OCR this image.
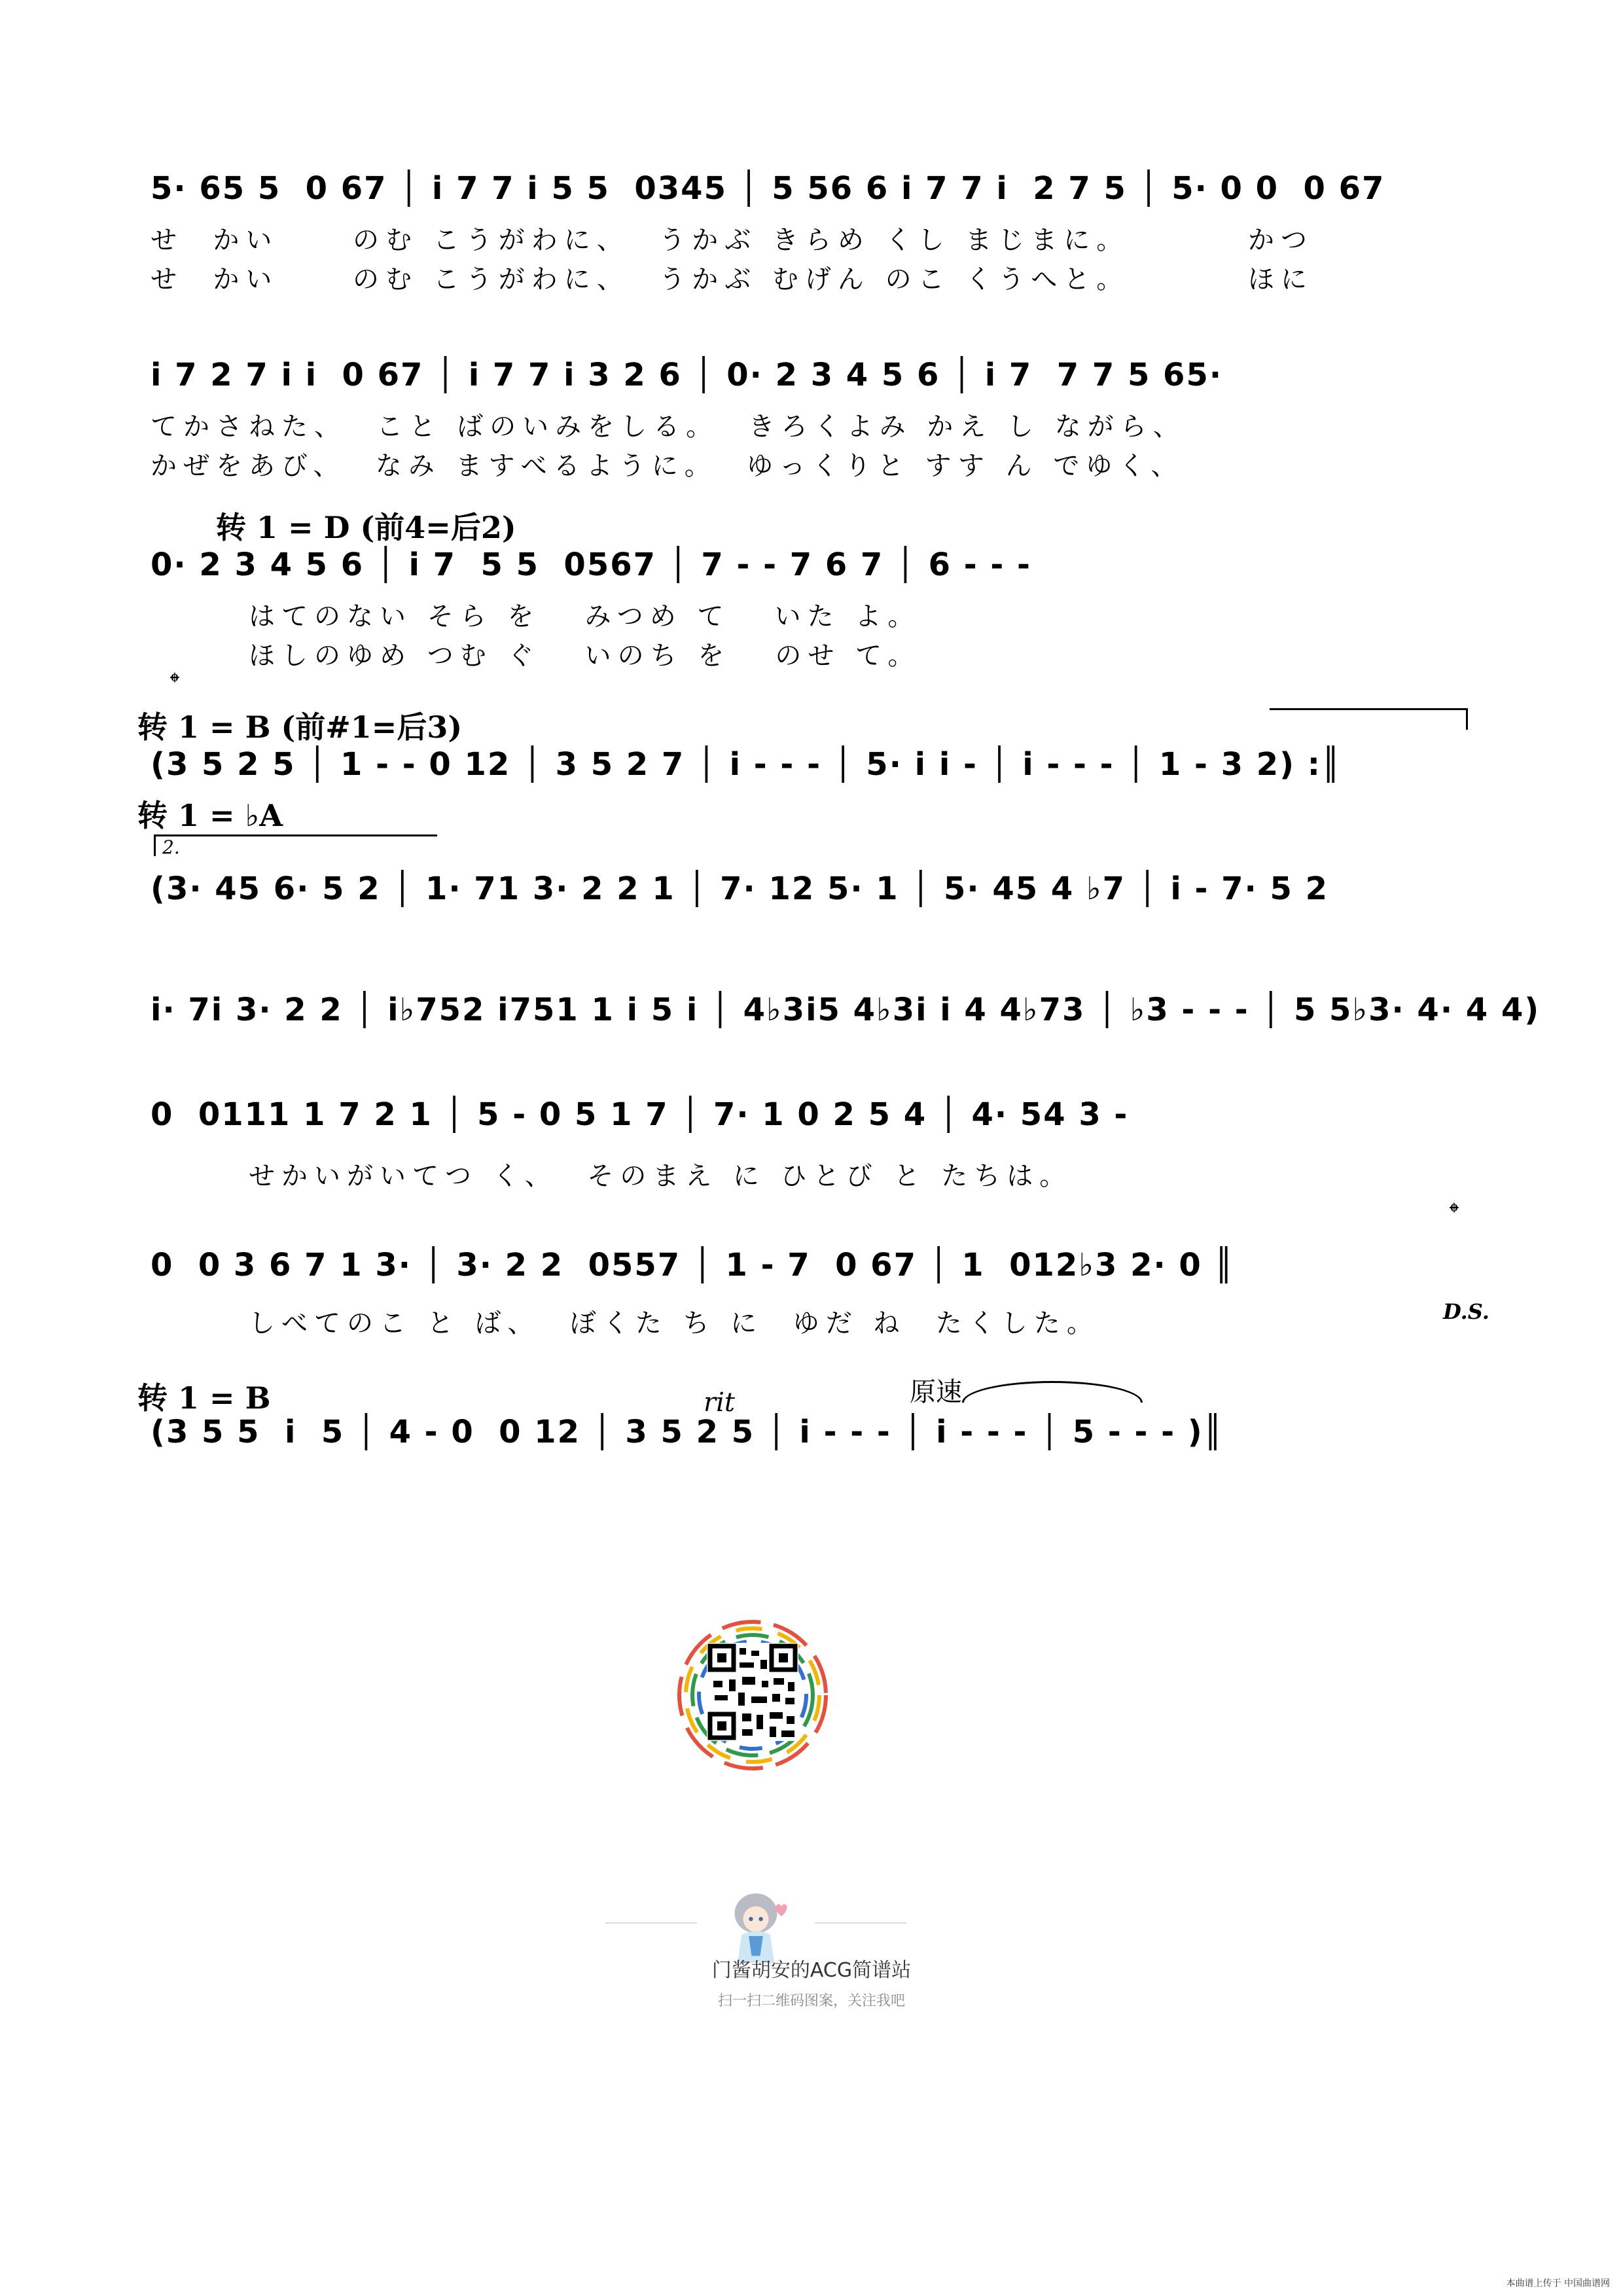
5· 65 5  0 67 │ i 7 7 i 5 5  0345 │ 5 56 6 i 7 7 i  2 7 5 │ 5· 0 0  0 67
せ  かい     のむ こうがわに、  うかぶ きらめ くし まじまに。        かつ
せ  かい     のむ こうがわに、  うかぶ むげん のこ くうへと。        ほに
i 7 2 7 i i  0 67 │ i 7 7 i 3 2 6 │ 0· 2 3 4 5 6 │ i 7  7 7 5 65·
てかさねた、  こと ばのいみをしる。  きろくよみ かえ し ながら、
かぜをあび、  なみ ますべるように。  ゆっくりと すす ん でゆく、
转 1 = D (前4=后2)
0· 2 3 4 5 6 │ i 7  5 5  0567 │ 7 - - 7 6 7 │ 6 - - -
はてのない そら を   みつめ て   いた よ。
ほしのゆめ つむ ぐ   いのち を   のせ て。
𝄌
转 1 = B (前#1=后3)
(3 5 2 5 │ 1 - - 0 12 │ 3 5 2 7 │ i - - - │ 5· i i - │ i - - - │ 1 - 3 2) :║
转 1 = ♭A
2.
(3· 45 6· 5 2 │ 1· 71 3· 2 2 1 │ 7· 12 5· 1 │ 5· 45 4 ♭7 │ i - 7· 5 2
i· 7i 3· 2 2 │ i♭752 i751 1 i 5 i │ 4♭3i5 4♭3i i 4 4♭73 │ ♭3 - - - │ 5 5♭3· 4· 4 4)
0  0111 1 7 2 1 │ 5 - 0 5 1 7 │ 7· 1 0 2 5 4 │ 4· 54 3 -
せかいがいてつ く、  そのまえ に ひとび と たちは。
𝄌
0  0 3 6 7 1 3· │ 3· 2 2  0557 │ 1 - 7  0 67 │ 1  012♭3 2· 0 ║
しべてのこ と ば、  ぼくた ち に  ゆだ ね  たくした。	D.S.
转 1 = B	rit	原速
(3 5 5  i  5 │ 4 - 0  0 12 │ 3 5 2 5 │ i - - - │ i - - - │ 5 - - - )║
门酱胡安的ACG简谱站
扫一扫二维码图案，关注我吧
本曲谱上传于 中国曲谱网
